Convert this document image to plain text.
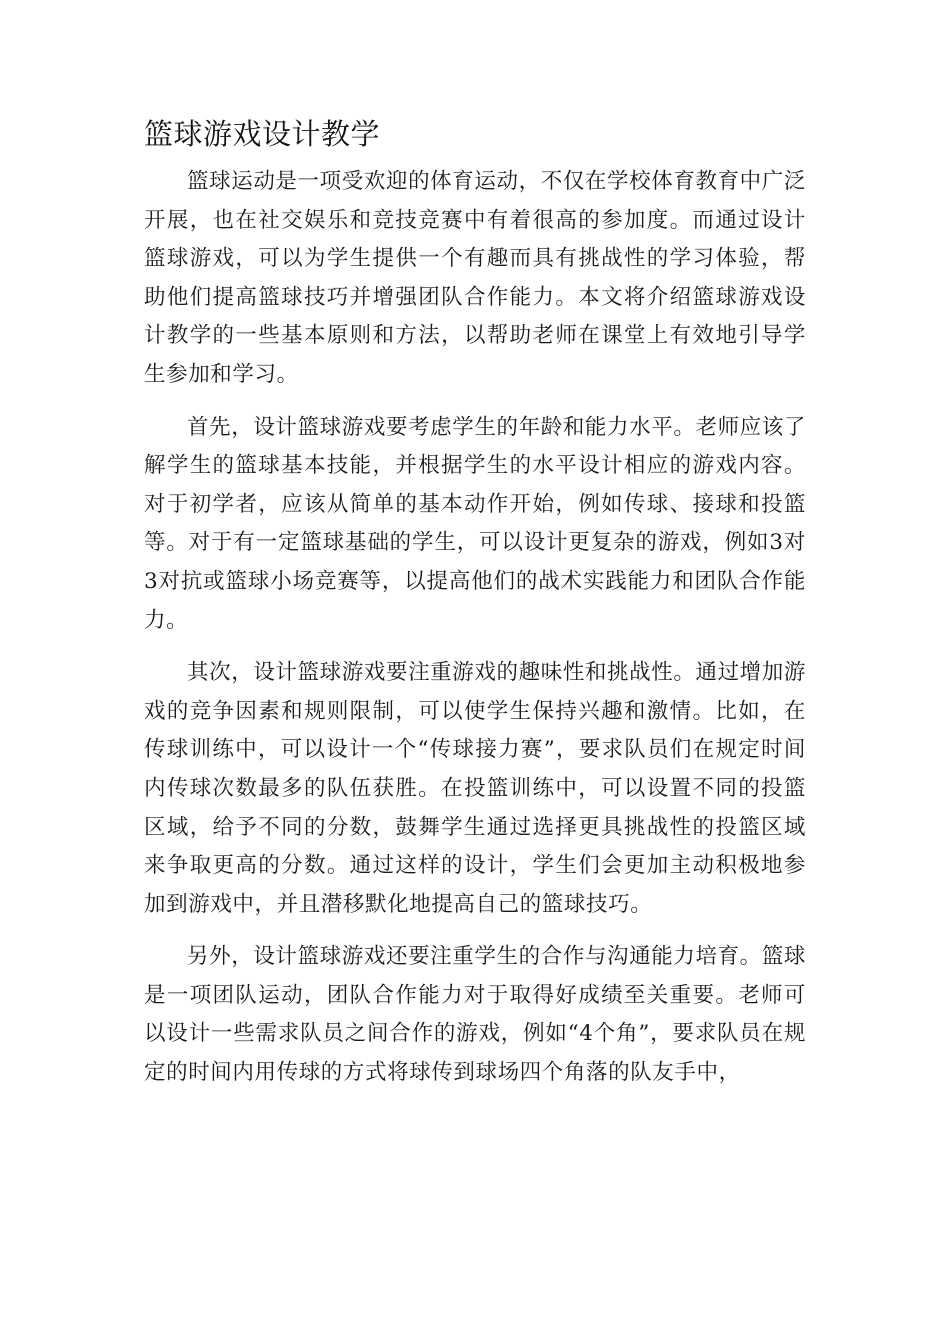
篮球游戏设计教学

篮球运动是一项受欢迎的体育运动，不仅在学校体育教育中广泛开展，也在社交娱乐和竞技竞赛中有着很高的参加度。而通过设计篮球游戏，可以为学生提供一个有趣而具有挑战性的学习体验，帮助他们提高篮球技巧并增强团队合作能力。本文将介绍篮球游戏设计教学的一些基本原则和方法，以帮助老师在课堂上有效地引导学生参加和学习。

首先，设计篮球游戏要考虑学生的年龄和能力水平。老师应该了解学生的篮球基本技能，并根据学生的水平设计相应的游戏内容。对于初学者，应该从简单的基本动作开始，例如传球、接球和投篮等。对于有一定篮球基础的学生，可以设计更复杂的游戏，例如3对3对抗或篮球小场竞赛等，以提高他们的战术实践能力和团队合作能力。

其次，设计篮球游戏要注重游戏的趣味性和挑战性。通过增加游戏的竞争因素和规则限制，可以使学生保持兴趣和激情。比如，在传球训练中，可以设计一个“传球接力赛”，要求队员们在规定时间内传球次数最多的队伍获胜。在投篮训练中，可以设置不同的投篮区域，给予不同的分数，鼓舞学生通过选择更具挑战性的投篮区域来争取更高的分数。通过这样的设计，学生们会更加主动积极地参加到游戏中，并且潜移默化地提高自己的篮球技巧。

另外，设计篮球游戏还要注重学生的合作与沟通能力培育。篮球是一项团队运动，团队合作能力对于取得好成绩至关重要。老师可以设计一些需求队员之间合作的游戏，例如“4个角”，要求队员在规定的时间内用传球的方式将球传到球场四个角落的队友手中，
